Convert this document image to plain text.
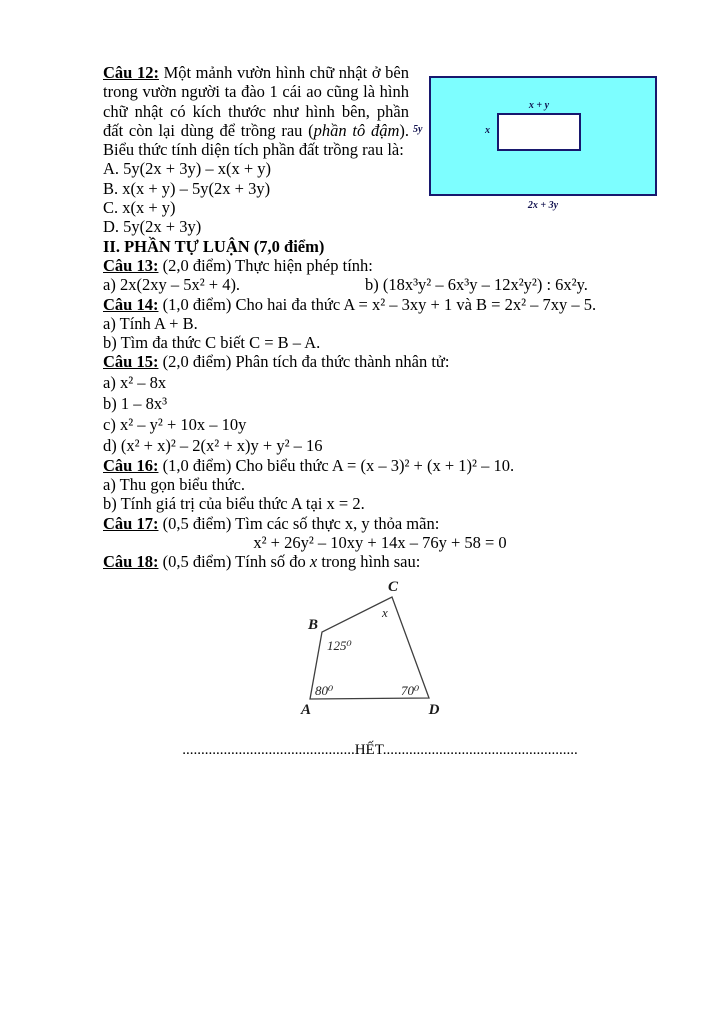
5y
x + y
x
2x + 3y

Câu 12: Một mảnh vườn hình chữ nhật ở bên trong vườn người ta đào 1 cái ao cũng là hình chữ nhật có kích thước như hình bên, phần đất còn lại dùng để trồng rau (phần tô đậm). Biểu thức tính diện tích phần đất trồng rau là:

A. 5y(2x + 3y) – x(x + y)
B. x(x + y) – 5y(2x + 3y)
C. x(x + y)
D. 5y(2x + 3y)
II. PHẦN TỰ LUẬN (7,0 điểm)
Câu 13: (2,0 điểm) Thực hiện phép tính:
a) 2x(2xy – 5x² + 4).	b) (18x³y² – 6x³y – 12x²y²) : 6x²y.
Câu 14: (1,0 điểm) Cho hai đa thức A = x² – 3xy + 1 và B = 2x² – 7xy – 5.
a) Tính A + B.
b) Tìm đa thức C biết C = B – A.
Câu 15: (2,0 điểm) Phân tích đa thức thành nhân tử:
a) x² – 8x
b) 1 – 8x³
c) x² – y² + 10x – 10y
d) (x² + x)² – 2(x² + x)y + y² – 16
Câu 16: (1,0 điểm) Cho biểu thức A = (x – 3)² + (x + 1)² – 10.
a) Thu gọn biểu thức.
b) Tính giá trị của biểu thức A tại x = 2.
Câu 17: (0,5 điểm) Tìm các số thực x, y thỏa mãn:
x² + 26y² – 10xy + 14x – 76y + 58 = 0
Câu 18: (0,5 điểm) Tính số đo x trong hình sau:
C
B
A	D
125⁰
x
80⁰	70⁰
..............................................HẾT....................................................
